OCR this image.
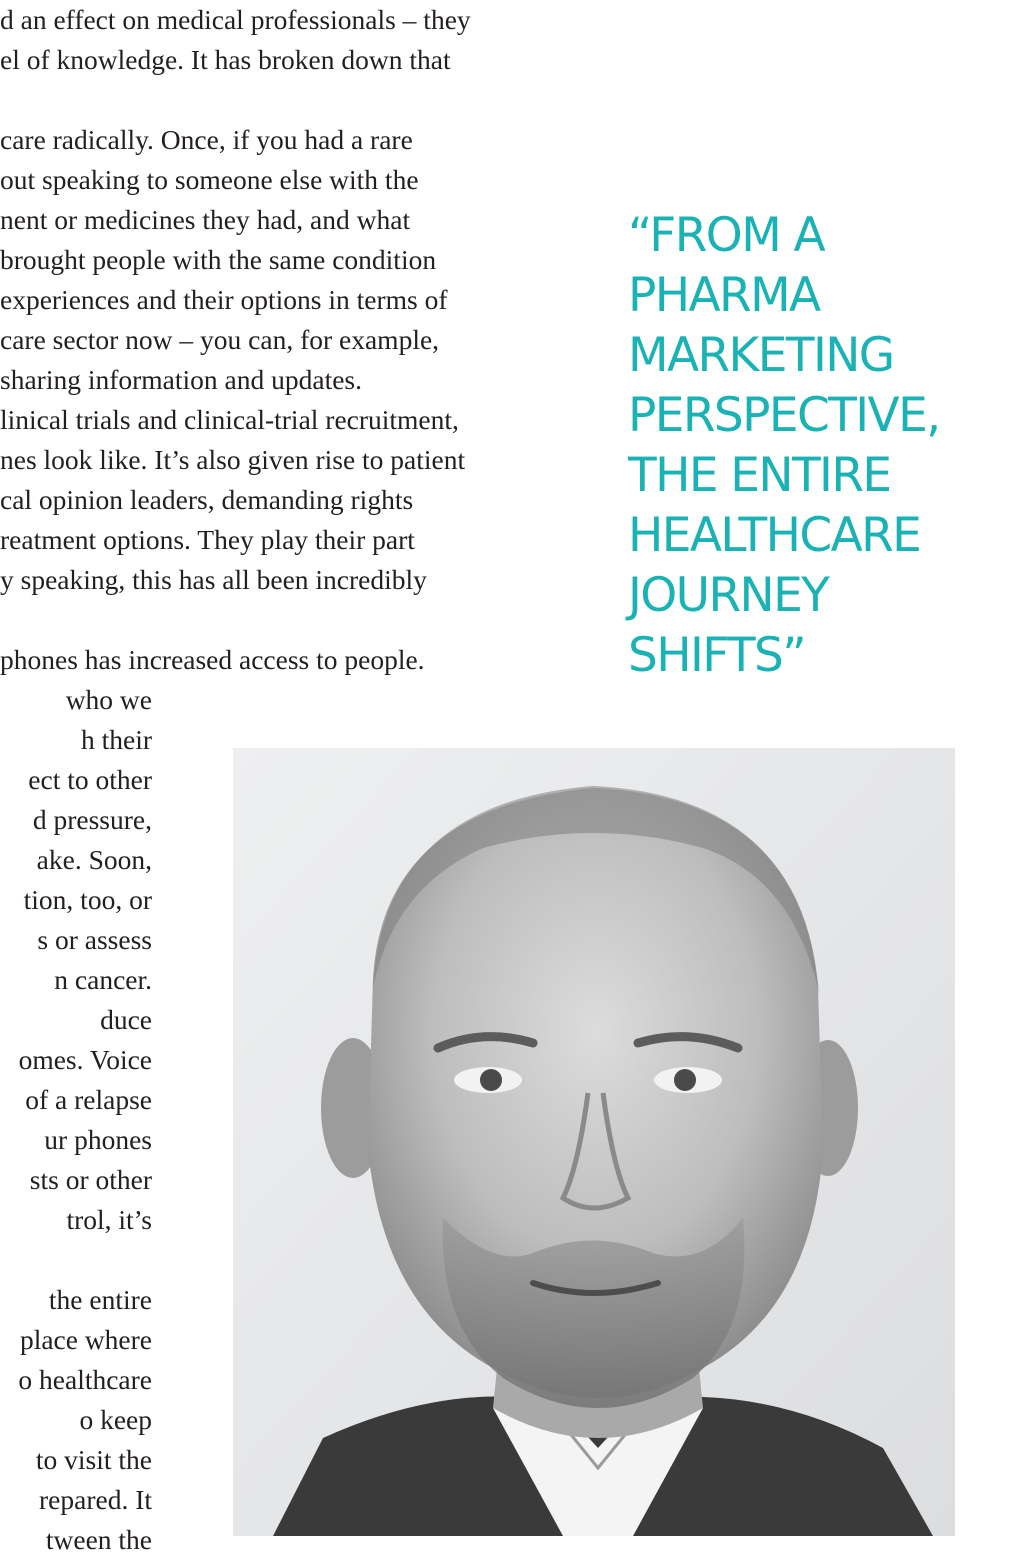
d an effect on medical professionals – they
el of knowledge. It has broken down that
care radically. Once, if you had a rare
out speaking to someone else with the
nent or medicines they had, and what
brought people with the same condition
experiences and their options in terms of
care sector now – you can, for example,
sharing information and updates.
linical trials and clinical-trial recruitment,
nes look like. It’s also given rise to patient
cal opinion leaders, demanding rights
reatment options. They play their part
y speaking, this has all been incredibly
phones has increased access to people.
who we
h their
ect to other
d pressure,
ake. Soon,
tion, too, or
s or assess
n cancer.
duce
omes. Voice
of a relapse
ur phones
sts or other
trol, it’s
the entire
place where
o healthcare
o keep
to visit the
repared. It
tween the
“FROM A
PHARMA
MARKETING
PERSPECTIVE,
THE ENTIRE
HEALTHCARE
JOURNEY
SHIFTS”
